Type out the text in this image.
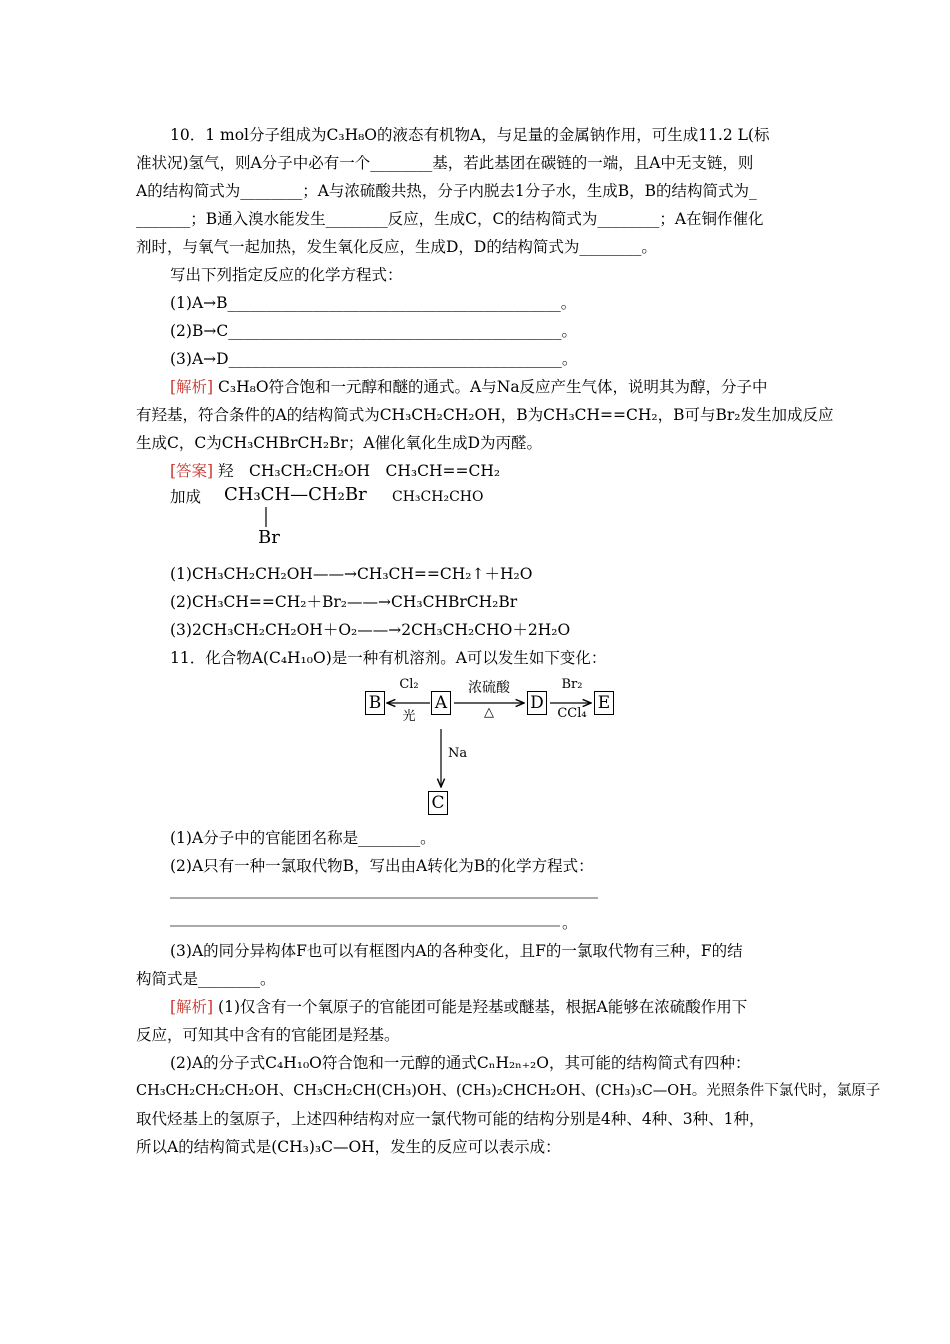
10．1 mol分子组成为C₃H₈O的液态有机物A，与足量的金属钠作用，可生成11.2 L(标
准状况)氢气，则A分子中必有一个________基，若此基团在碳链的一端，且A中无支链，则
A的结构简式为________；A与浓硫酸共热，分子内脱去1分子水，生成B，B的结构简式为_
_______；B通入溴水能发生________反应，生成C，C的结构简式为________；A在铜作催化
剂时，与氧气一起加热，发生氧化反应，生成D，D的结构简式为________。
写出下列指定反应的化学方程式：
(1)A→B___________________________________________。
(2)B→C___________________________________________。
(3)A→D___________________________________________。
[解析] C₃H₈O符合饱和一元醇和醚的通式。A与Na反应产生气体，说明其为醇，分子中
有羟基，符合条件的A的结构简式为CH₃CH₂CH₂OH，B为CH₃CH==CH₂，B可与Br₂发生加成反应
生成C，C为CH₃CHBrCH₂Br；A催化氧化生成D为丙醛。
[答案] 羟　CH₃CH₂CH₂OH　CH₃CH==CH₂
加成 CH₃CH—CH₂Br
Br
CH₃CH₂CHO
(1)CH₃CH₂CH₂OH——→CH₃CH==CH₂↑＋H₂O
(2)CH₃CH==CH₂＋Br₂——→CH₃CHBrCH₂Br
(3)2CH₃CH₂CH₂OH＋O₂——→2CH₃CH₂CHO＋2H₂O
11．化合物A(C₄H₁₀O)是一种有机溶剂。A可以发生如下变化：
B	A	D	E
C
Cl₂
光
浓硫酸
△
Br₂
CCl₄
Na
(1)A分子中的官能团名称是________。
(2)A只有一种一氯取代物B，写出由A转化为B的化学方程式：
。
(3)A的同分异构体F也可以有框图内A的各种变化，且F的一氯取代物有三种，F的结
构简式是________。
[解析] (1)仅含有一个氧原子的官能团可能是羟基或醚基，根据A能够在浓硫酸作用下
反应，可知其中含有的官能团是羟基。
(2)A的分子式C₄H₁₀O符合饱和一元醇的通式CₙH₂ₙ₊₂O，其可能的结构简式有四种：
CH₃CH₂CH₂CH₂OH、CH₃CH₂CH(CH₃)OH、(CH₃)₂CHCH₂OH、(CH₃)₃C—OH。光照条件下氯代时，氯原子
取代烃基上的氢原子，上述四种结构对应一氯代物可能的结构分别是4种、4种、3种、1种，
所以A的结构简式是(CH₃)₃C—OH，发生的反应可以表示成：
